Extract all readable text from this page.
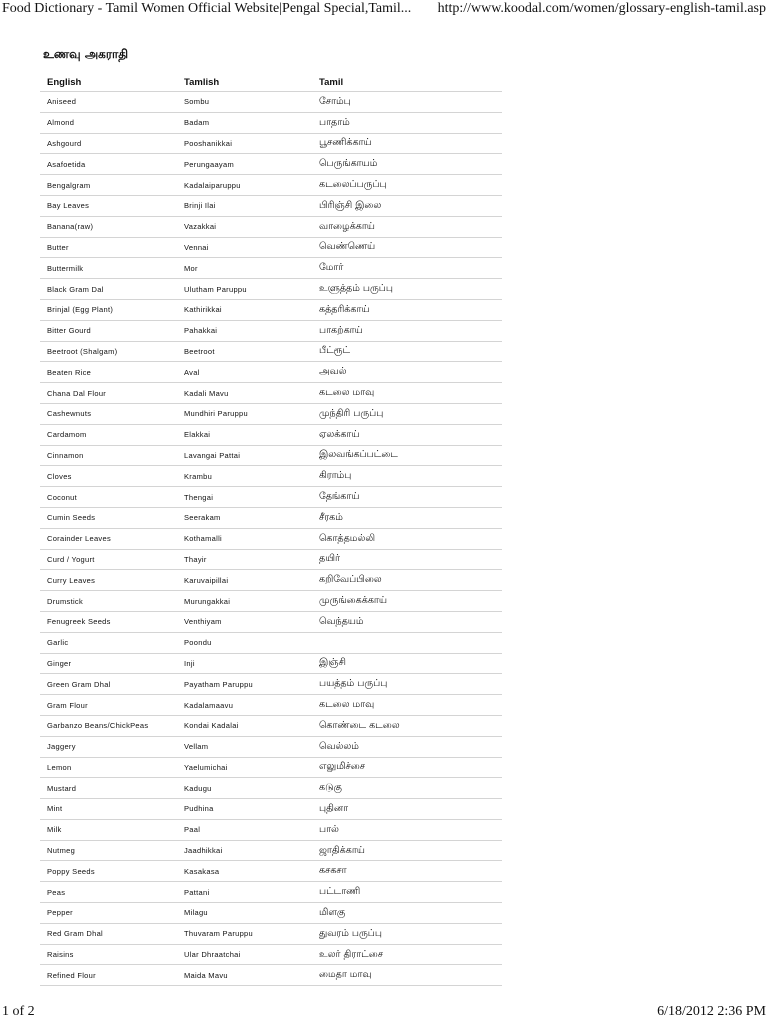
Food Dictionary - Tamil Women Official Website|Pengal Special,Tamil... http://www.koodal.com/women/glossary-english-tamil.asp
உணவு அகராதி
English	Tamlish	Tamil
Aniseed	Sombu	சோம்பு
Almond	Badam	பாதாம்
Ashgourd	Pooshanikkai	பூசணிக்காய்
Asafoetida	Perungaayam	பெருங்காயம்
Bengalgram	Kadalaiparuppu	கடலைப்பருப்பு
Bay Leaves	Brinji Ilai	பிரிஞ்சி இலை
Banana(raw)	Vazakkai	வாழைக்காய்
Butter	Vennai	வெண்ணெய்
Buttermilk	Mor	மோர்
Black Gram Dal	Ulutham Paruppu	உளுத்தம் பருப்பு
Brinjal (Egg Plant)	Kathirikkai	கத்தரிக்காய்
Bitter Gourd	Pahakkai	பாகற்காய்
Beetroot (Shalgam)	Beetroot	பீட்ரூட்
Beaten Rice	Aval	அவல்
Chana Dal Flour	Kadali Mavu	கடலை மாவு
Cashewnuts	Mundhiri Paruppu	முந்திரி பருப்பு
Cardamom	Elakkai	ஏலக்காய்
Cinnamon	Lavangai Pattai	இலவங்கப்பட்டை
Cloves	Krambu	கிராம்பு
Coconut	Thengai	தேங்காய்
Cumin Seeds	Seerakam	சீரகம்
Corainder Leaves	Kothamalli	கொத்தமல்லி
Curd / Yogurt	Thayir	தயிர்
Curry Leaves	Karuvaipillai	கறிவேப்பிலை
Drumstick	Murungakkai	முருங்கைக்காய்
Fenugreek Seeds	Venthiyam	வெந்தயம்
Garlic	Poondu	
Ginger	Inji	இஞ்சி
Green Gram Dhal	Payatham Paruppu	பயத்தம் பருப்பு
Gram Flour	Kadalamaavu	கடலை மாவு
Garbanzo Beans/ChickPeas	Kondai Kadalai	கொண்டை கடலை
Jaggery	Vellam	வெல்லம்
Lemon	Yaelumichai	எலுமிச்சை
Mustard	Kadugu	கடுகு
Mint	Pudhina	புதினா
Milk	Paal	பால்
Nutmeg	Jaadhikkai	ஜாதிக்காய்
Poppy Seeds	Kasakasa	கசகசா
Peas	Pattani	பட்டாணி
Pepper	Milagu	மிளகு
Red Gram Dhal	Thuvaram Paruppu	துவரம் பருப்பு
Raisins	Ular Dhraatchai	உலர் திராட்சை
Refined Flour	Maida Mavu	மைதா மாவு
1 of 2	6/18/2012 2:36 PM
